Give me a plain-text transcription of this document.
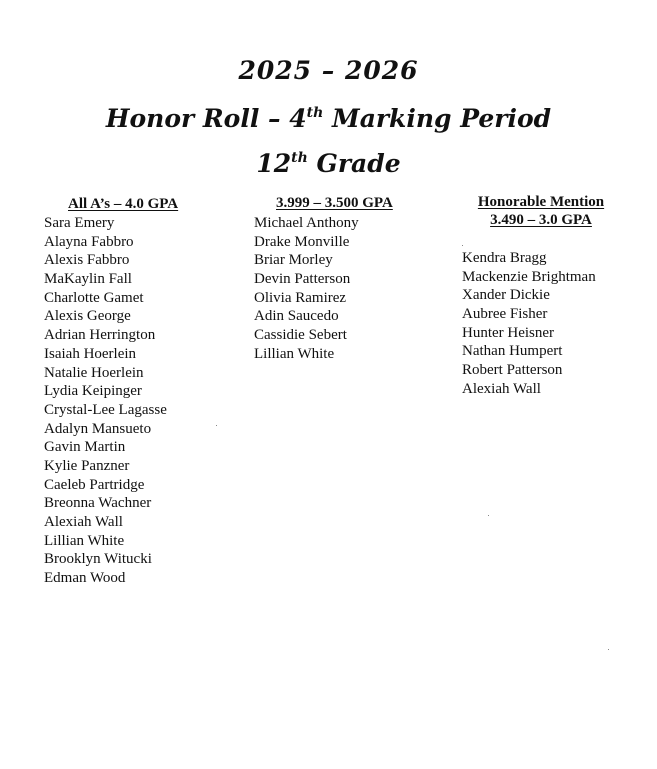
2025 – 2026
Honor Roll – 4th Marking Period
12th Grade
All A’s – 4.0 GPA
Sara Emery
Alayna Fabbro
Alexis Fabbro
MaKaylin Fall
Charlotte Gamet
Alexis George
Adrian Herrington
Isaiah Hoerlein
Natalie Hoerlein
Lydia Keipinger
Crystal-Lee Lagasse
Adalyn Mansueto
Gavin Martin
Kylie Panzner
Caeleb Partridge
Breonna Wachner
Alexiah Wall
Lillian White
Brooklyn Witucki
Edman Wood
3.999 – 3.500 GPA
Michael Anthony
Drake Monville
Briar Morley
Devin Patterson
Olivia Ramirez
Adin Saucedo
Cassidie Sebert
Lillian White
Honorable Mention
3.490 – 3.0 GPA
Kendra Bragg
Mackenzie Brightman
Xander Dickie
Aubree Fisher
Hunter Heisner
Nathan Humpert
Robert Patterson
Alexiah Wall
